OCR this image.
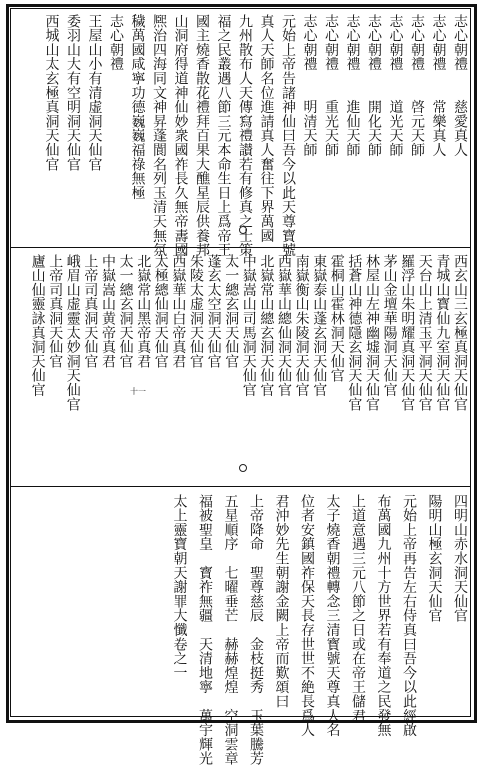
十一
志心朝禮　　慈愛真人
志心朝禮　　常樂真人
志心朝禮　　啓元天師
志心朝禮　　道光天師
志心朝禮　　開化天師
志心朝禮　　進仙天師
志心朝禮　　重光天師
志心朝禮　　明清天師
元始上帝告諸神仙曰吾今以此天尊寶號
真人天師名位進請真人奮往下界萬國
九州散布人天傳寫禮讃若有修真之士策
福之民叢遇八節三元本命生日上爲帝王
國主燒香散花禮拜百果大醮星辰供養邦
山洞府得道神仙妙衆國祚長久無帝夀國
熈治四海同文神昇蓬閬名列玉清天無氛
穢萬國咸寧功德巍巍福祿無極
志心朝禮
王屋山小有清虚洞天仙官
委羽山大有空明洞天仙官
西城山太玄極真洞天仙官
西玄山三玄極真洞天仙官
青城山寳仙九室洞天仙官
天台山上清玉平洞天仙官
羅浮山朱明耀真洞天仙官
茅山金壇華陽洞天仙官
林屋山左神幽墟洞天仙官
括蒼山神德隱玄洞天仙官
霍桐山霍林洞天仙官
東嶽泰山蓬玄洞天仙官
南嶽衡山朱陵洞天仙官
西嶽華山總仙洞天仙官
北嶽常山總玄洞天仙官
中嶽嵩山司馬洞天仙官
太一總玄洞天仙官
蓬玄太空洞天仙官
朱陵太虚洞天仙官
西嶽華山白帝真君
太極總仙洞天仙官
北嶽常山黑帝真君
太一總玄洞天仙官
中嶽嵩山黄帝真君
上帝司真洞天仙官
峨眉山虚靈太妙洞天仙官
上帝司真洞天仙官
廬山仙靈詠真洞天仙官
四明山赤水洞天仙官
陽明山極玄洞天仙官
元始上帝再告左右侍真曰吾今以此經啟
布萬國九州十方世界若有奉道之民發無
上道意遇三元八節之日或在帝王儲君
太子燒香朝禮轉念三清寳號天尊真人名
位者安鎮國祚保天長存世世不絶長爲人
君沖妙先生朝謝金闕上帝而歎頌曰
上帝降命　聖尊慈辰　金枝挺秀　玉葉騰芳
五星順序　七曜垂芒　赫赫煌煌　空洞雲章
福被聖皇　寳祚無疆　天清地寧　萬宇輝光
太上靈寶朝天謝罪大懺卷之一
